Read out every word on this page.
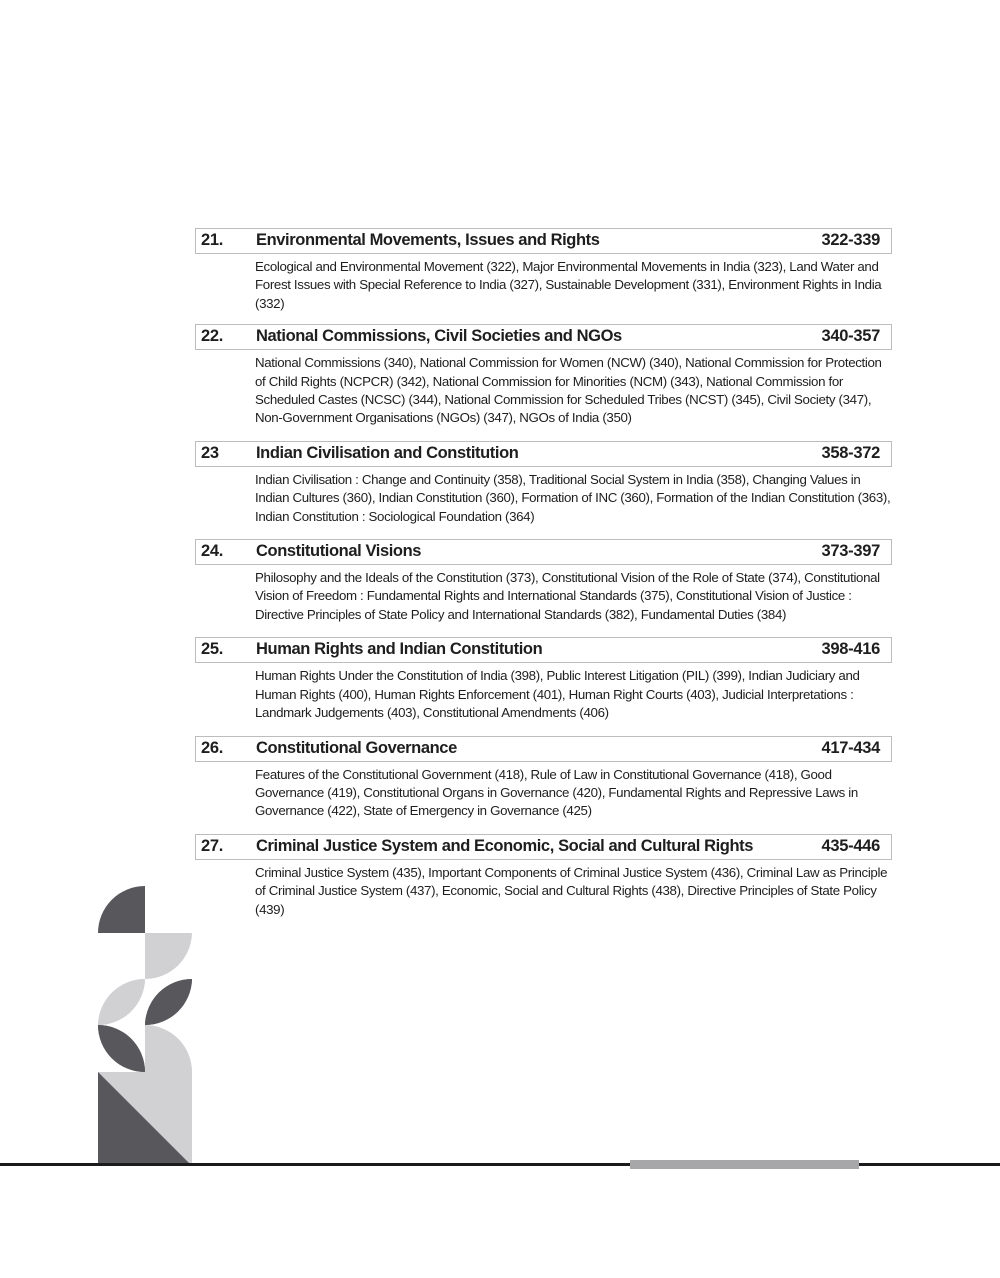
21. Environmental Movements, Issues and Rights	322-339
Ecological and Environmental Movement (322), Major Environmental Movements in India (323), Land Water and Forest Issues with Special Reference to India (327), Sustainable Development (331), Environment Rights in India (332)
22. National Commissions, Civil Societies and NGOs	340-357
National Commissions (340), National Commission for Women (NCW) (340), National Commission for Protection of Child Rights (NCPCR) (342), National Commission for Minorities (NCM) (343), National Commission for Scheduled Castes (NCSC) (344), National Commission for Scheduled Tribes (NCST) (345), Civil Society (347), Non-Government Organisations (NGOs) (347), NGOs of India (350)
23 Indian Civilisation and Constitution	358-372
Indian Civilisation : Change and Continuity (358), Traditional Social System in India (358), Changing Values in Indian Cultures (360), Indian Constitution (360), Formation of INC (360), Formation of the Indian Constitution (363), Indian Constitution : Sociological Foundation (364)
24. Constitutional Visions	373-397
Philosophy and the Ideals of the Constitution (373), Constitutional Vision of the Role of State (374), Constitutional Vision of Freedom : Fundamental Rights and International Standards (375), Constitutional Vision of Justice : Directive Principles of State Policy and International Standards (382), Fundamental Duties (384)
25. Human Rights and Indian Constitution	398-416
Human Rights Under the Constitution of India (398), Public Interest Litigation (PIL) (399), Indian Judiciary and Human Rights (400), Human Rights Enforcement (401), Human Right Courts (403), Judicial Interpretations : Landmark Judgements (403), Constitutional Amendments (406)
26. Constitutional Governance	417-434
Features of the Constitutional Government (418), Rule of Law in Constitutional Governance (418), Good Governance (419), Constitutional Organs in Governance (420), Fundamental Rights and Repressive Laws in Governance (422), State of Emergency in Governance (425)
27. Criminal Justice System and Economic, Social and Cultural Rights	435-446
Criminal Justice System (435), Important Components of Criminal Justice System (436), Criminal Law as Principle of Criminal Justice System (437), Economic, Social and Cultural Rights (438), Directive Principles of State Policy (439)
